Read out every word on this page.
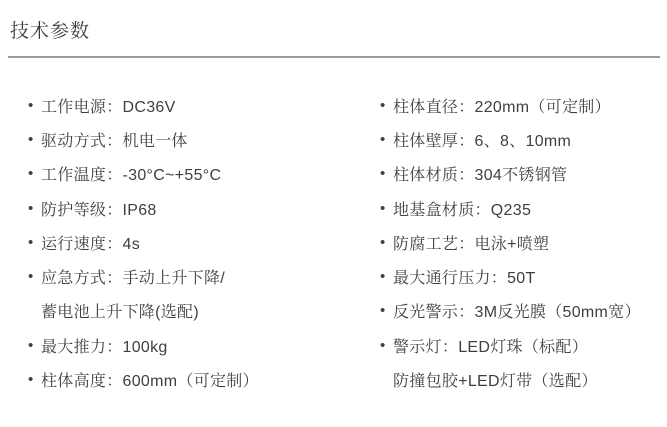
技术参数
• 工作电源：DC36V
• 驱动方式：机电一体
• 工作温度：-30°C~+55°C
• 防护等级：IP68
• 运行速度：4s
• 应急方式：手动上升下降/
蓄电池上升下降(选配)
• 最大推力：100kg
• 柱体高度：600mm（可定制）
• 柱体直径：220mm（可定制）
• 柱体壁厚：6、8、10mm
• 柱体材质：304不锈钢管
• 地基盒材质：Q235
• 防腐工艺：电泳+喷塑
• 最大通行压力：50T
• 反光警示：3M反光膜（50mm宽）
• 警示灯：LED灯珠（标配）
防撞包胶+LED灯带（选配）
